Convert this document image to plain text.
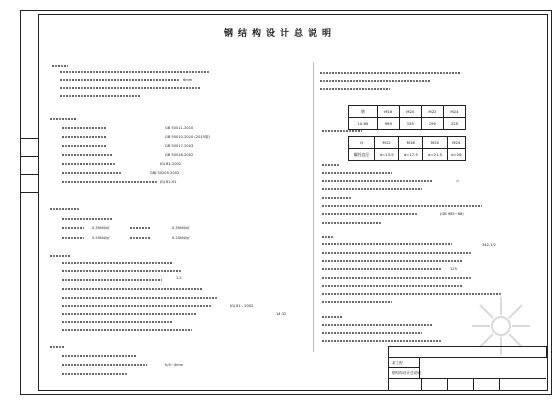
钢结构设计总说明
6mm
GB 50011-2010
GB 50010-2010 (2015版)
GB 50017-2003
GB 50018-2002
JGJ 81-2002
GBJ 50205-2002
JGJ 82-91
0.30kN/㎡	0.30kN/㎡
0.50kN/㎡	0.20kN/㎡
1.2
JGJ 81 - 2002
14.32
h/4~4mm
钢	M16	M20	M22	M24
10.65	999	155	190	225
Q	M12	M16	M20	M24
螺栓直径	d=13.5	d=17.5	d=21.5	d=26
<
(GB 985~88)
342-1/2
125
某工程
钢结构设计总说明
